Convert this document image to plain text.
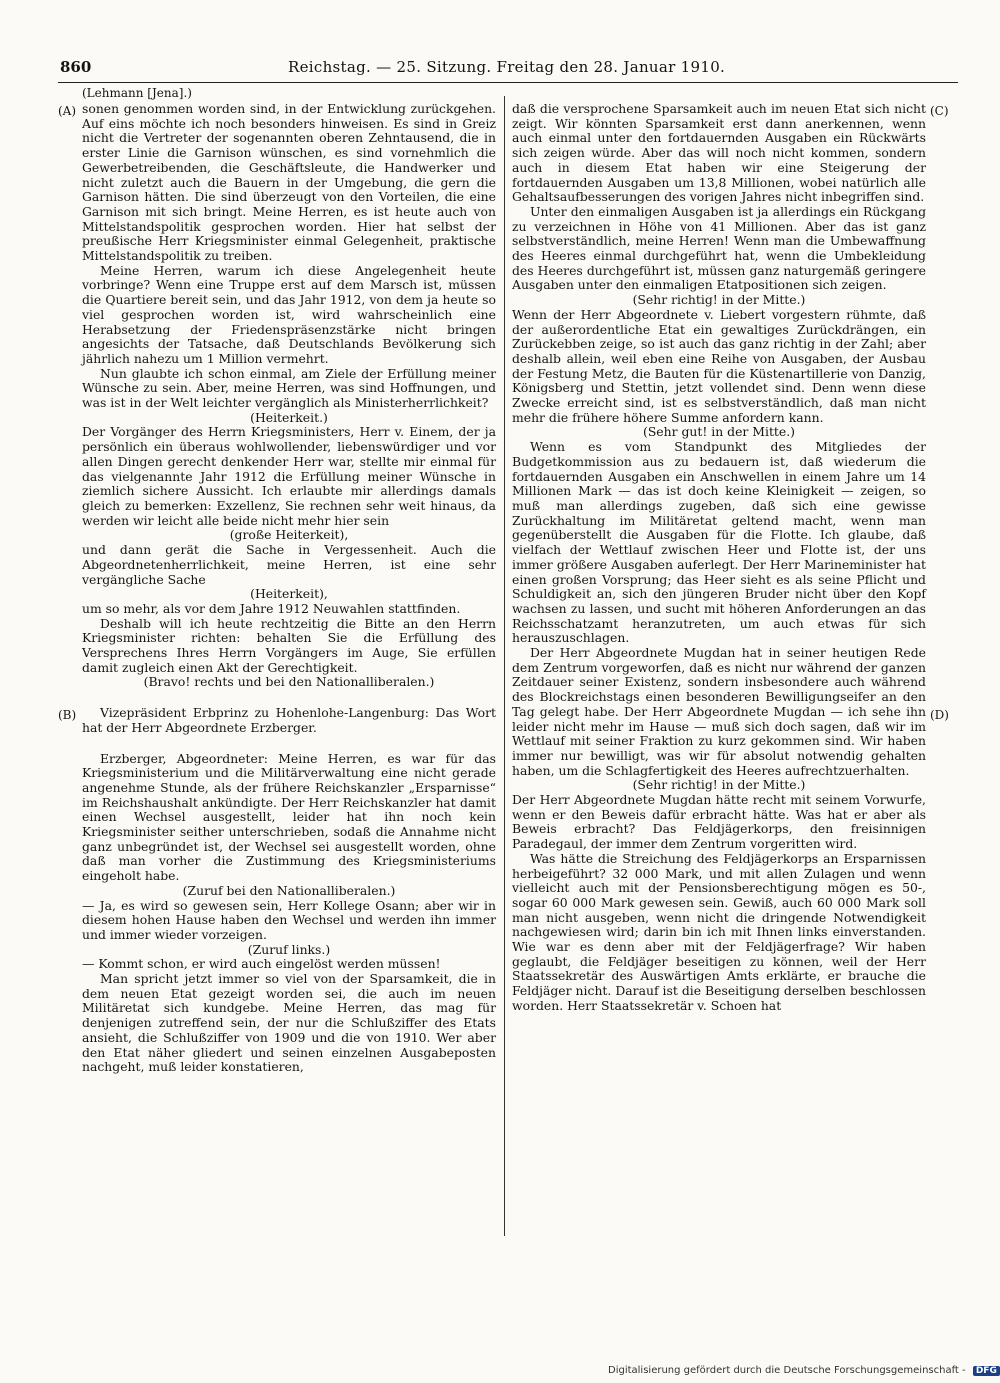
860	Reichstag. — 25. Sitzung. Freitag den 28. Januar 1910.
(Lehmann [Jena].)
(A)
(B)
(C)
(D)

sonen genommen worden sind, in der Entwicklung zurückgehen. Auf eins möchte ich noch besonders hinweisen. Es sind in Greiz nicht die Vertreter der sogenannten oberen Zehntausend, die in erster Linie die Garnison wünschen, es sind vornehmlich die Gewerbetreibenden, die Geschäftsleute, die Handwerker und nicht zuletzt auch die Bauern in der Umgebung, die gern die Garnison hätten. Die sind überzeugt von den Vorteilen, die eine Garnison mit sich bringt. Meine Herren, es ist heute auch von Mittelstandspolitik gesprochen worden. Hier hat selbst der preußische Herr Kriegsminister einmal Gelegenheit, praktische Mittelstandspolitik zu treiben.

Meine Herren, warum ich diese Angelegenheit heute vorbringe? Wenn eine Truppe erst auf dem Marsch ist, müssen die Quartiere bereit sein, und das Jahr 1912, von dem ja heute so viel gesprochen worden ist, wird wahrscheinlich eine Herabsetzung der Friedenspräsenzstärke nicht bringen angesichts der Tatsache, daß Deutschlands Bevölkerung sich jährlich nahezu um 1 Million vermehrt.

Nun glaubte ich schon einmal, am Ziele der Erfüllung meiner Wünsche zu sein. Aber, meine Herren, was sind Hoffnungen, und was ist in der Welt leichter vergänglich als Ministerherrlichkeit?

(Heiterkeit.)

Der Vorgänger des Herrn Kriegsministers, Herr v. Einem, der ja persönlich ein überaus wohlwollender, liebenswürdiger und vor allen Dingen gerecht denkender Herr war, stellte mir einmal für das vielgenannte Jahr 1912 die Erfüllung meiner Wünsche in ziemlich sichere Aussicht. Ich erlaubte mir allerdings damals gleich zu bemerken: Exzellenz, Sie rechnen sehr weit hinaus, da werden wir leicht alle beide nicht mehr hier sein

(große Heiterkeit),

und dann gerät die Sache in Vergessenheit. Auch die Abgeordnetenherrlichkeit, meine Herren, ist eine sehr vergängliche Sache

(Heiterkeit),

um so mehr, als vor dem Jahre 1912 Neuwahlen stattfinden.

Deshalb will ich heute rechtzeitig die Bitte an den Herrn Kriegsminister richten: behalten Sie die Erfüllung des Versprechens Ihres Herrn Vorgängers im Auge, Sie erfüllen damit zugleich einen Akt der Gerechtigkeit.

(Bravo! rechts und bei den Nationalliberalen.)

Vizepräsident Erbprinz zu Hohenlohe-Langenburg: Das Wort hat der Herr Abgeordnete Erzberger.

Erzberger, Abgeordneter: Meine Herren, es war für das Kriegsministerium und die Militärverwaltung eine nicht gerade angenehme Stunde, als der frühere Reichskanzler „Ersparnisse“ im Reichshaushalt ankündigte. Der Herr Reichskanzler hat damit einen Wechsel ausgestellt, leider hat ihn noch kein Kriegsminister seither unterschrieben, sodaß die Annahme nicht ganz unbegründet ist, der Wechsel sei ausgestellt worden, ohne daß man vorher die Zustimmung des Kriegsministeriums eingeholt habe.

(Zuruf bei den Nationalliberalen.)

— Ja, es wird so gewesen sein, Herr Kollege Osann; aber wir in diesem hohen Hause haben den Wechsel und werden ihn immer und immer wieder vorzeigen.

(Zuruf links.)

— Kommt schon, er wird auch eingelöst werden müssen!

Man spricht jetzt immer so viel von der Sparsamkeit, die in dem neuen Etat gezeigt worden sei, die auch im neuen Militäretat sich kundgebe. Meine Herren, das mag für denjenigen zutreffend sein, der nur die Schlußziffer des Etats ansieht, die Schlußziffer von 1909 und die von 1910. Wer aber den Etat näher gliedert und seinen einzelnen Ausgabeposten nachgeht, muß leider konstatieren,

daß die versprochene Sparsamkeit auch im neuen Etat sich nicht zeigt. Wir könnten Sparsamkeit erst dann anerkennen, wenn auch einmal unter den fortdauernden Ausgaben ein Rückwärts sich zeigen würde. Aber das will noch nicht kommen, sondern auch in diesem Etat haben wir eine Steigerung der fortdauernden Ausgaben um 13,8 Millionen, wobei natürlich alle Gehaltsaufbesserungen des vorigen Jahres nicht inbegriffen sind.

Unter den einmaligen Ausgaben ist ja allerdings ein Rückgang zu verzeichnen in Höhe von 41 Millionen. Aber das ist ganz selbstverständlich, meine Herren! Wenn man die Umbewaffnung des Heeres einmal durchgeführt hat, wenn die Umbekleidung des Heeres durchgeführt ist, müssen ganz naturgemäß geringere Ausgaben unter den einmaligen Etatpositionen sich zeigen.

(Sehr richtig! in der Mitte.)

Wenn der Herr Abgeordnete v. Liebert vorgestern rühmte, daß der außerordentliche Etat ein gewaltiges Zurückdrängen, ein Zurückebben zeige, so ist auch das ganz richtig in der Zahl; aber deshalb allein, weil eben eine Reihe von Ausgaben, der Ausbau der Festung Metz, die Bauten für die Küstenartillerie von Danzig, Königsberg und Stettin, jetzt vollendet sind. Denn wenn diese Zwecke erreicht sind, ist es selbstverständlich, daß man nicht mehr die frühere höhere Summe anfordern kann.

(Sehr gut! in der Mitte.)

Wenn es vom Standpunkt des Mitgliedes der Budgetkommission aus zu bedauern ist, daß wiederum die fortdauernden Ausgaben ein Anschwellen in einem Jahre um 14 Millionen Mark — das ist doch keine Kleinigkeit — zeigen, so muß man allerdings zugeben, daß sich eine gewisse Zurückhaltung im Militäretat geltend macht, wenn man gegenüberstellt die Ausgaben für die Flotte. Ich glaube, daß vielfach der Wettlauf zwischen Heer und Flotte ist, der uns immer größere Ausgaben auferlegt. Der Herr Marineminister hat einen großen Vorsprung; das Heer sieht es als seine Pflicht und Schuldigkeit an, sich den jüngeren Bruder nicht über den Kopf wachsen zu lassen, und sucht mit höheren Anforderungen an das Reichsschatzamt heranzutreten, um auch etwas für sich herauszuschlagen.

Der Herr Abgeordnete Mugdan hat in seiner heutigen Rede dem Zentrum vorgeworfen, daß es nicht nur während der ganzen Zeitdauer seiner Existenz, sondern insbesondere auch während des Blockreichstags einen besonderen Bewilligungseifer an den Tag gelegt habe. Der Herr Abgeordnete Mugdan — ich sehe ihn leider nicht mehr im Hause — muß sich doch sagen, daß wir im Wettlauf mit seiner Fraktion zu kurz gekommen sind. Wir haben immer nur bewilligt, was wir für absolut notwendig gehalten haben, um die Schlagfertigkeit des Heeres aufrechtzuerhalten.

(Sehr richtig! in der Mitte.)

Der Herr Abgeordnete Mugdan hätte recht mit seinem Vorwurfe, wenn er den Beweis dafür erbracht hätte. Was hat er aber als Beweis erbracht? Das Feldjägerkorps, den freisinnigen Paradegaul, der immer dem Zentrum vorgeritten wird.

Was hätte die Streichung des Feldjägerkorps an Ersparnissen herbeigeführt? 32 000 Mark, und mit allen Zulagen und wenn vielleicht auch mit der Pensionsberechtigung mögen es 50-, sogar 60 000 Mark gewesen sein. Gewiß, auch 60 000 Mark soll man nicht ausgeben, wenn nicht die dringende Notwendigkeit nachgewiesen wird; darin bin ich mit Ihnen links einverstanden. Wie war es denn aber mit der Feldjägerfrage? Wir haben geglaubt, die Feldjäger beseitigen zu können, weil der Herr Staatssekretär des Auswärtigen Amts erklärte, er brauche die Feldjäger nicht. Darauf ist die Beseitigung derselben beschlossen worden. Herr Staatssekretär v. Schoen hat

Digitalisierung gefördert durch die Deutsche Forschungsgemeinschaft - DFG
